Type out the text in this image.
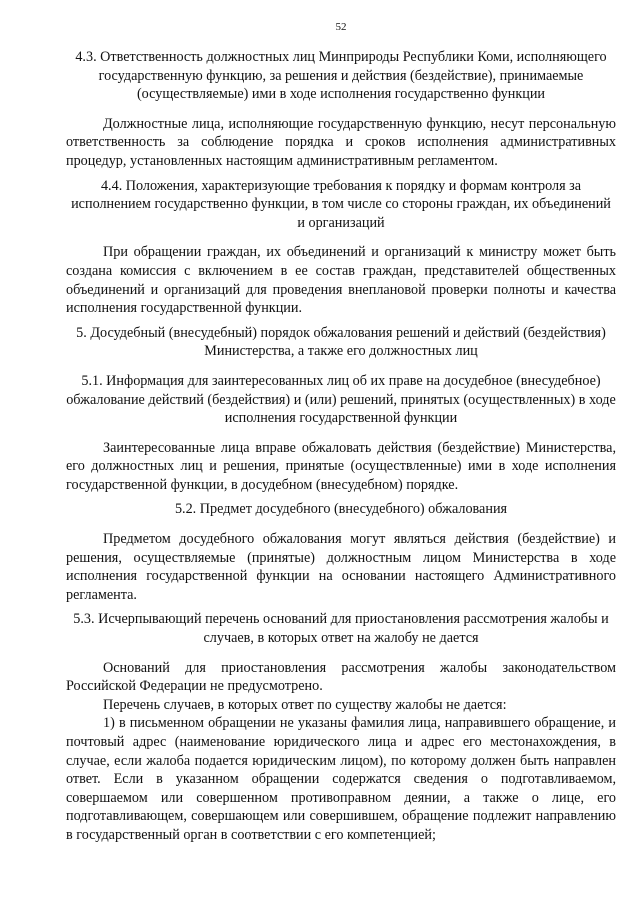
52
4.3. Ответственность должностных лиц Минприроды Республики Коми, исполняющего государственную функцию, за решения и действия (бездействие), принимаемые (осуществляемые) ими в ходе исполнения государственно функции
Должностные лица, исполняющие государственную функцию, несут персональную ответственность за соблюдение порядка и сроков исполнения административных процедур, установленных настоящим административным регламентом.
4.4. Положения, характеризующие требования к порядку и формам контроля за исполнением государственно функции, в том числе со стороны граждан, их объединений и организаций
При обращении граждан, их объединений и организаций к министру может быть создана комиссия с включением в ее состав граждан, представителей общественных объединений и организаций для проведения внеплановой проверки полноты и качества исполнения государственной функции.
5. Досудебный (внесудебный) порядок обжалования решений и действий (бездействия) Министерства, а также его должностных лиц
5.1. Информация для заинтересованных лиц об их праве на досудебное (внесудебное) обжалование действий (бездействия) и (или) решений, принятых (осуществленных) в ходе исполнения государственной функции
Заинтересованные лица вправе обжаловать действия (бездействие) Министерства, его должностных лиц и решения, принятые (осуществленные) ими в ходе исполнения государственной функции, в досудебном (внесудебном) порядке.
5.2. Предмет досудебного (внесудебного) обжалования
Предметом досудебного обжалования могут являться действия (бездействие) и решения, осуществляемые (принятые) должностным лицом Министерства в ходе исполнения государственной функции на основании настоящего Административного регламента.
5.3. Исчерпывающий перечень оснований для приостановления рассмотрения жалобы и случаев, в которых ответ на жалобу не дается
Оснований для приостановления рассмотрения жалобы законодательством Российской Федерации не предусмотрено.
Перечень случаев, в которых ответ по существу жалобы не дается:
1) в письменном обращении не указаны фамилия лица, направившего обращение, и почтовый адрес (наименование юридического лица и адрес его местонахождения, в случае, если жалоба подается юридическим лицом), по которому должен быть направлен ответ. Если в указанном обращении содержатся сведения о подготавливаемом, совершаемом или совершенном противоправном деянии, а также о лице, его подготавливающем, совершающем или совершившем, обращение подлежит направлению в государственный орган в соответствии с его компетенцией;
